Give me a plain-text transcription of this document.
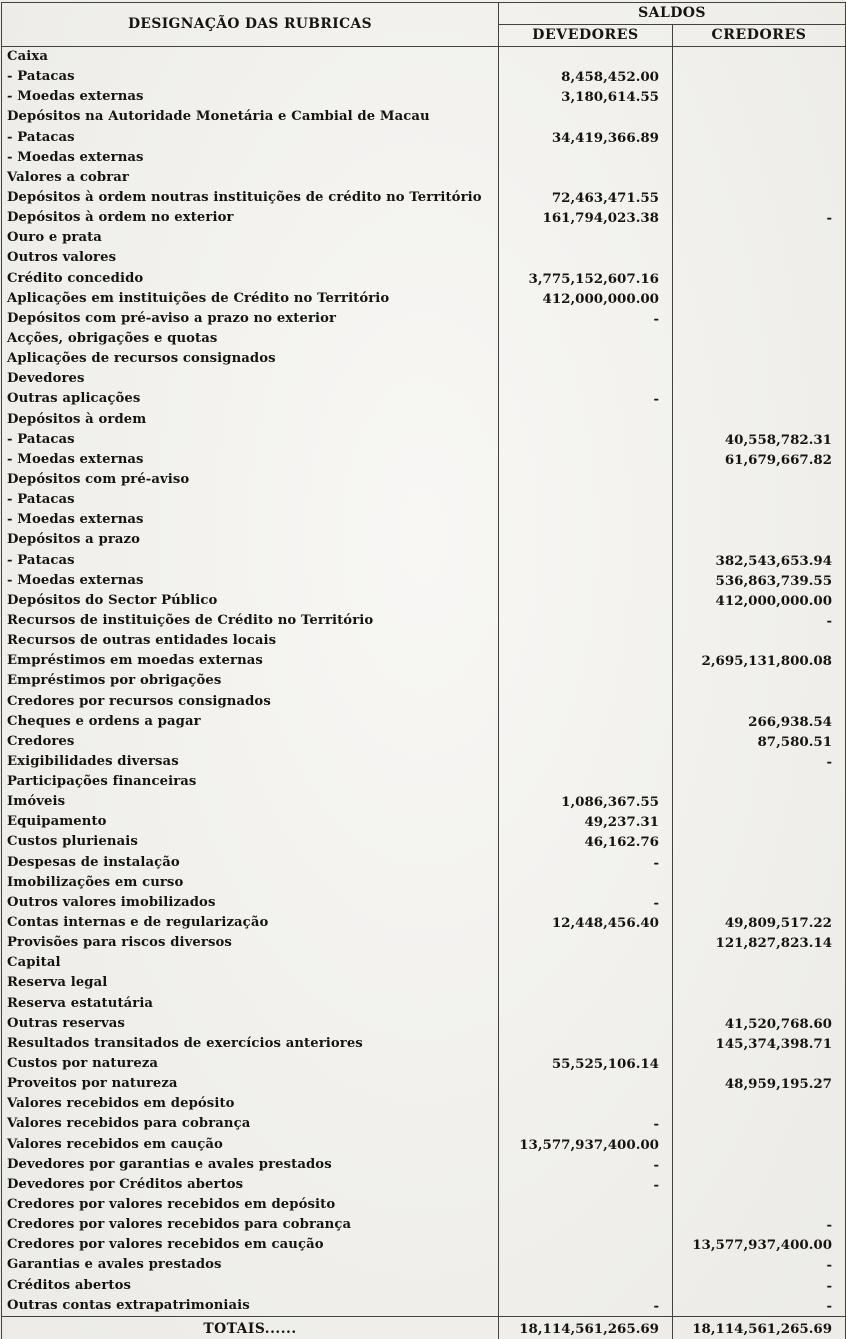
DESIGNAÇÃO DAS RUBRICAS	SALDOS	
	DEVEDORES	CREDORES
Caixa		
- Patacas	8,458,452.00	
- Moedas externas	3,180,614.55	
Depósitos na Autoridade Monetária e Cambial de Macau		
- Patacas	34,419,366.89	
- Moedas externas		
Valores a cobrar		
Depósitos à ordem noutras instituições de crédito no Território	72,463,471.55	
Depósitos à ordem no exterior	161,794,023.38	-
Ouro e prata		
Outros valores		
Crédito concedido	3,775,152,607.16	
Aplicações em instituições de Crédito no Território	412,000,000.00	
Depósitos com pré-aviso a prazo no exterior	-	
Acções, obrigações e quotas		
Aplicações de recursos consignados		
Devedores		
Outras aplicações	-	
Depósitos à ordem		
- Patacas		40,558,782.31
- Moedas externas		61,679,667.82
Depósitos com pré-aviso		
- Patacas		
- Moedas externas		
Depósitos a prazo		
- Patacas		382,543,653.94
- Moedas externas		536,863,739.55
Depósitos do Sector Público		412,000,000.00
Recursos de instituições de Crédito no Território		-
Recursos de outras entidades locais		
Empréstimos em moedas externas		2,695,131,800.08
Empréstimos por obrigações		
Credores por recursos consignados		
Cheques e ordens a pagar		266,938.54
Credores		87,580.51
Exigibilidades diversas		-
Participações financeiras		
Imóveis	1,086,367.55	
Equipamento	49,237.31	
Custos plurienais	46,162.76	
Despesas de instalação	-	
Imobilizações em curso		
Outros valores imobilizados	-	
Contas internas e de regularização	12,448,456.40	49,809,517.22
Provisões para riscos diversos		121,827,823.14
Capital		
Reserva legal		
Reserva estatutária		
Outras reservas		41,520,768.60
Resultados transitados de exercícios anteriores		145,374,398.71
Custos por natureza	55,525,106.14	
Proveitos por natureza		48,959,195.27
Valores recebidos em depósito		
Valores recebidos para cobrança	-	
Valores recebidos em caução	13,577,937,400.00	
Devedores por garantias e avales prestados	-	
Devedores por Créditos abertos	-	
Credores por valores recebidos em depósito		
Credores por valores recebidos para cobrança		-
Credores por valores recebidos em caução		13,577,937,400.00
Garantias e avales prestados		-
Créditos abertos		-
Outras contas extrapatrimoniais	-	-
TOTAIS......	18,114,561,265.69	18,114,561,265.69
